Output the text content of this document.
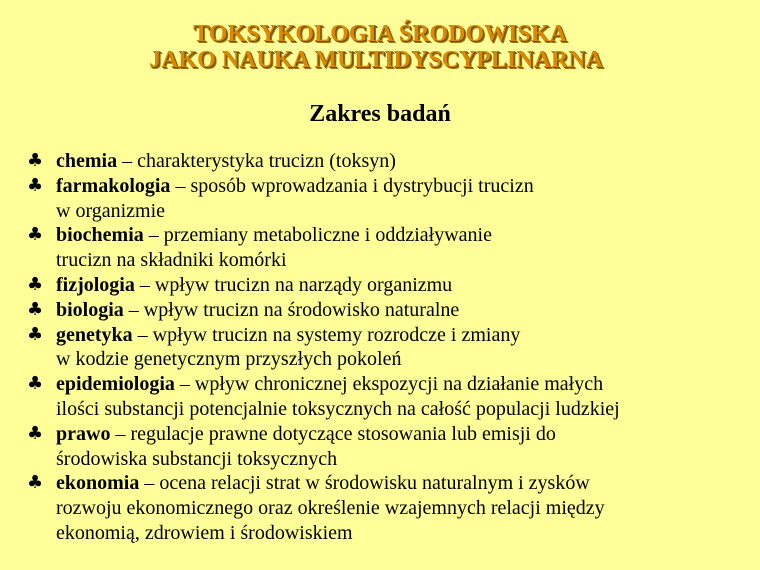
TOKSYKOLOGIA ŚRODOWISKA
JAKO NAUKA MULTIDYSCYPLINARNA
Zakres badań
♣ chemia – charakterystyka trucizn (toksyn)
♣ farmakologia – sposób wprowadzania i dystrybucji trucizn
w organizmie
♣ biochemia – przemiany metaboliczne i oddziaływanie
trucizn na składniki komórki
♣ fizjologia – wpływ trucizn na narządy organizmu
♣ biologia – wpływ trucizn na środowisko naturalne
♣ genetyka – wpływ trucizn na systemy rozrodcze i zmiany
w kodzie genetycznym przyszłych pokoleń
♣ epidemiologia – wpływ chronicznej ekspozycji na działanie małych
ilości substancji potencjalnie toksycznych na całość populacji ludzkiej
♣ prawo – regulacje prawne dotyczące stosowania lub emisji do
środowiska substancji toksycznych
♣ ekonomia – ocena relacji strat w środowisku naturalnym i zysków
rozwoju ekonomicznego oraz określenie wzajemnych relacji między
ekonomią, zdrowiem i środowiskiem
